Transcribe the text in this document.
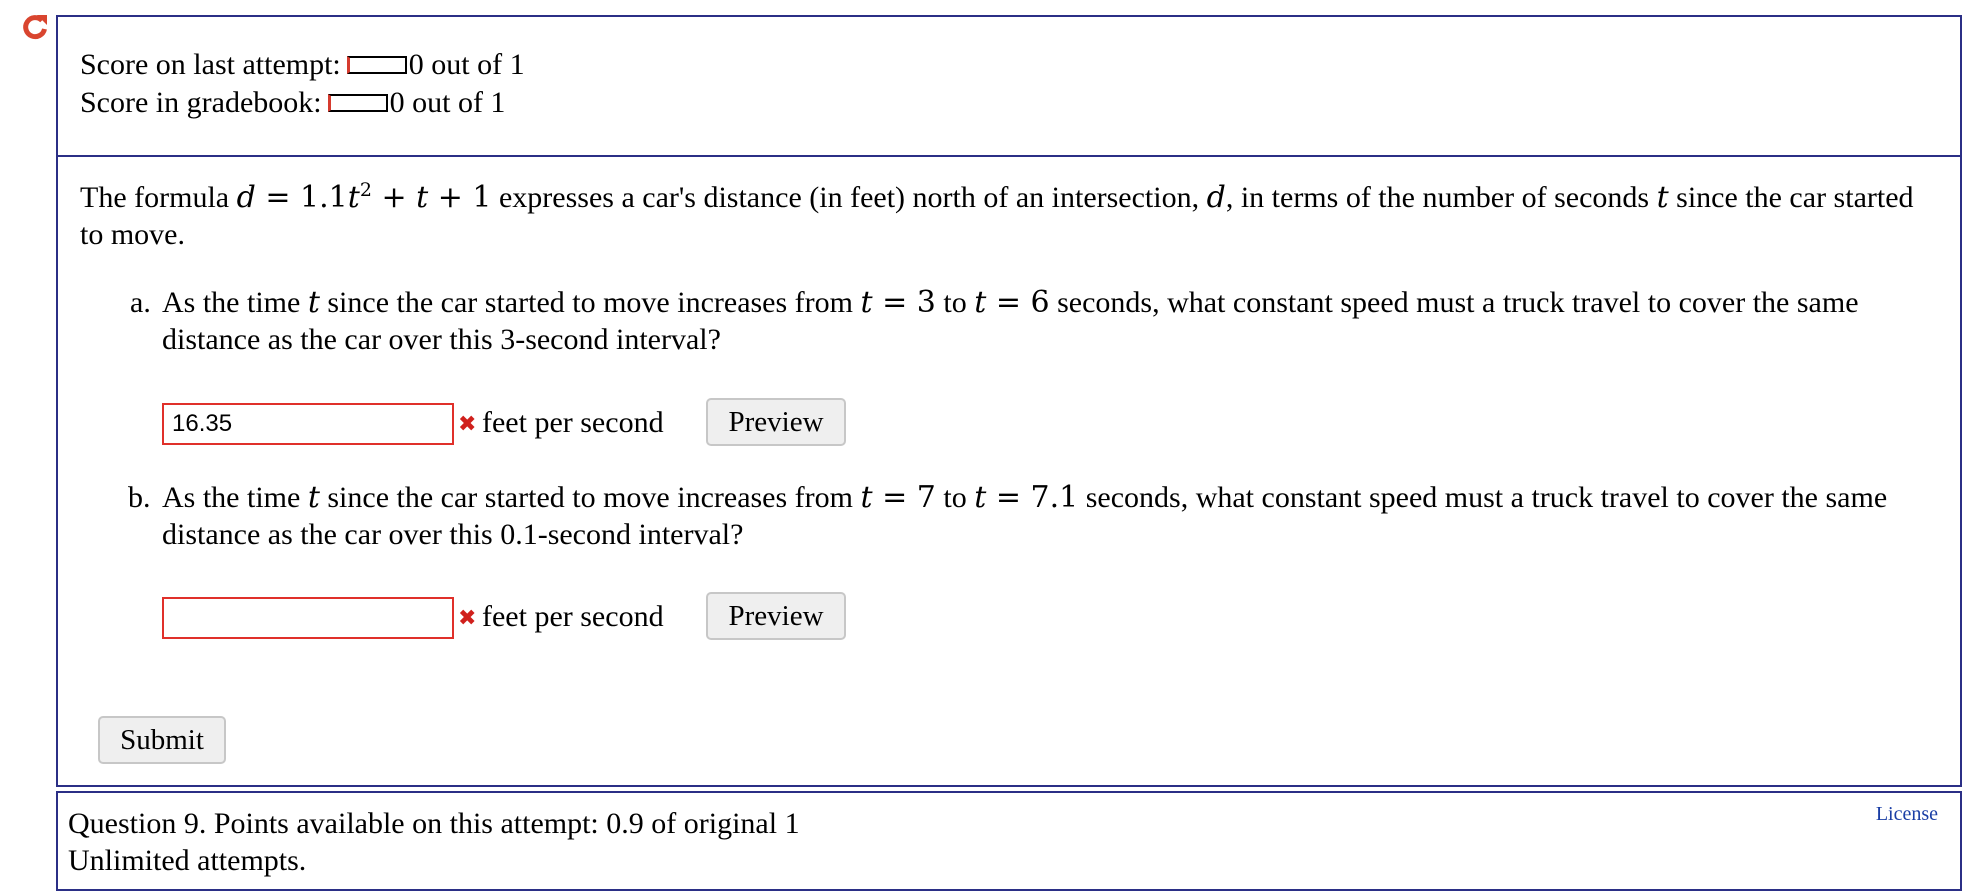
Score on last attempt: 0 out of 1
Score in gradebook: 0 out of 1
The formula $d = 1.1t^2 + t + 1$ expresses a car's distance (in feet) north of an intersection, d, in terms of the number of seconds t since the car started to move.
a. As the time t since the car started to move increases from t = 3 to t = 6 seconds, what constant speed must a truck travel to cover the same distance as the car over this 3-second interval?
16.35
✖ feet per second	Preview
b. As the time t since the car started to move increases from t = 7 to t = 7.1 seconds, what constant speed must a truck travel to cover the same distance as the car over this 0.1-second interval?
✖ feet per second	Preview
Submit
Question 9. Points available on this attempt: 0.9 of original 1
Unlimited attempts.
License
